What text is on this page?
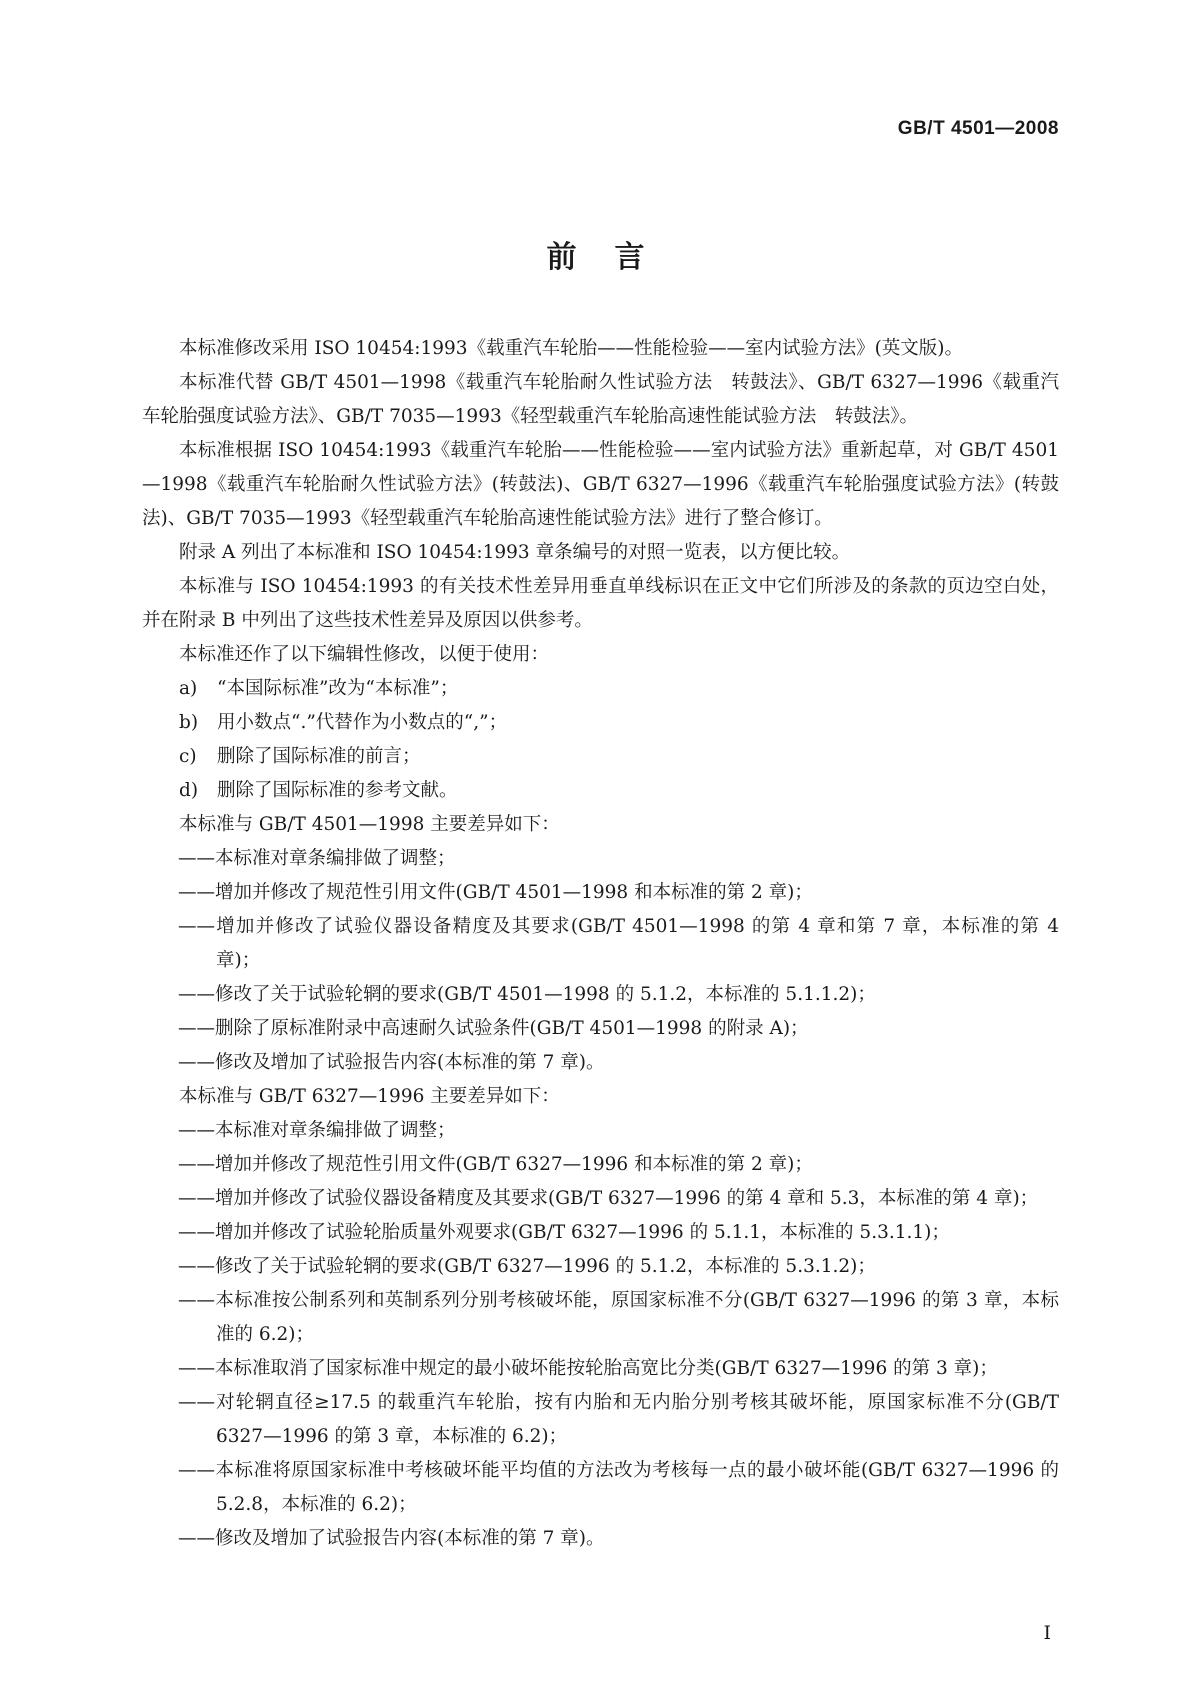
GB/T 4501—2008
前言

本标准修改采用 ISO 10454:1993《载重汽车轮胎——性能检验——室内试验方法》(英文版)。

本标准代替 GB/T 4501—1998《载重汽车轮胎耐久性试验方法　转鼓法》、GB/T 6327—1996《载重汽车轮胎强度试验方法》、GB/T 7035—1993《轻型载重汽车轮胎高速性能试验方法　转鼓法》。

本标准根据 ISO 10454:1993《载重汽车轮胎——性能检验——室内试验方法》重新起草，对 GB/T 4501—1998《载重汽车轮胎耐久性试验方法》(转鼓法)、GB/T 6327—1996《载重汽车轮胎强度试验方法》(转鼓法)、GB/T 7035—1993《轻型载重汽车轮胎高速性能试验方法》进行了整合修订。

附录 A 列出了本标准和 ISO 10454:1993 章条编号的对照一览表，以方便比较。

本标准与 ISO 10454:1993 的有关技术性差异用垂直单线标识在正文中它们所涉及的条款的页边空白处，并在附录 B 中列出了这些技术性差异及原因以供参考。

本标准还作了以下编辑性修改，以便于使用：

a) “本国际标准”改为“本标准”；

b) 用小数点“.”代替作为小数点的“,”；

c) 删除了国际标准的前言；

d) 删除了国际标准的参考文献。

本标准与 GB/T 4501—1998 主要差异如下：

——本标准对章条编排做了调整；

——增加并修改了规范性引用文件(GB/T 4501—1998 和本标准的第 2 章)；

——增加并修改了试验仪器设备精度及其要求(GB/T 4501—1998 的第 4 章和第 7 章，本标准的第 4 章)；

——修改了关于试验轮辋的要求(GB/T 4501—1998 的 5.1.2，本标准的 5.1.1.2)；

——删除了原标准附录中高速耐久试验条件(GB/T 4501—1998 的附录 A)；

——修改及增加了试验报告内容(本标准的第 7 章)。

本标准与 GB/T 6327—1996 主要差异如下：

——本标准对章条编排做了调整；

——增加并修改了规范性引用文件(GB/T 6327—1996 和本标准的第 2 章)；

——增加并修改了试验仪器设备精度及其要求(GB/T 6327—1996 的第 4 章和 5.3，本标准的第 4 章)；

——增加并修改了试验轮胎质量外观要求(GB/T 6327—1996 的 5.1.1，本标准的 5.3.1.1)；

——修改了关于试验轮辋的要求(GB/T 6327—1996 的 5.1.2，本标准的 5.3.1.2)；

——本标准按公制系列和英制系列分别考核破坏能，原国家标准不分(GB/T 6327—1996 的第 3 章，本标准的 6.2)；

——本标准取消了国家标准中规定的最小破坏能按轮胎高宽比分类(GB/T 6327—1996 的第 3 章)；

——对轮辋直径≥17.5 的载重汽车轮胎，按有内胎和无内胎分别考核其破坏能，原国家标准不分(GB/T 6327—1996 的第 3 章，本标准的 6.2)；

——本标准将原国家标准中考核破坏能平均值的方法改为考核每一点的最小破坏能(GB/T 6327—1996 的 5.2.8，本标准的 6.2)；

——修改及增加了试验报告内容(本标准的第 7 章)。

I
